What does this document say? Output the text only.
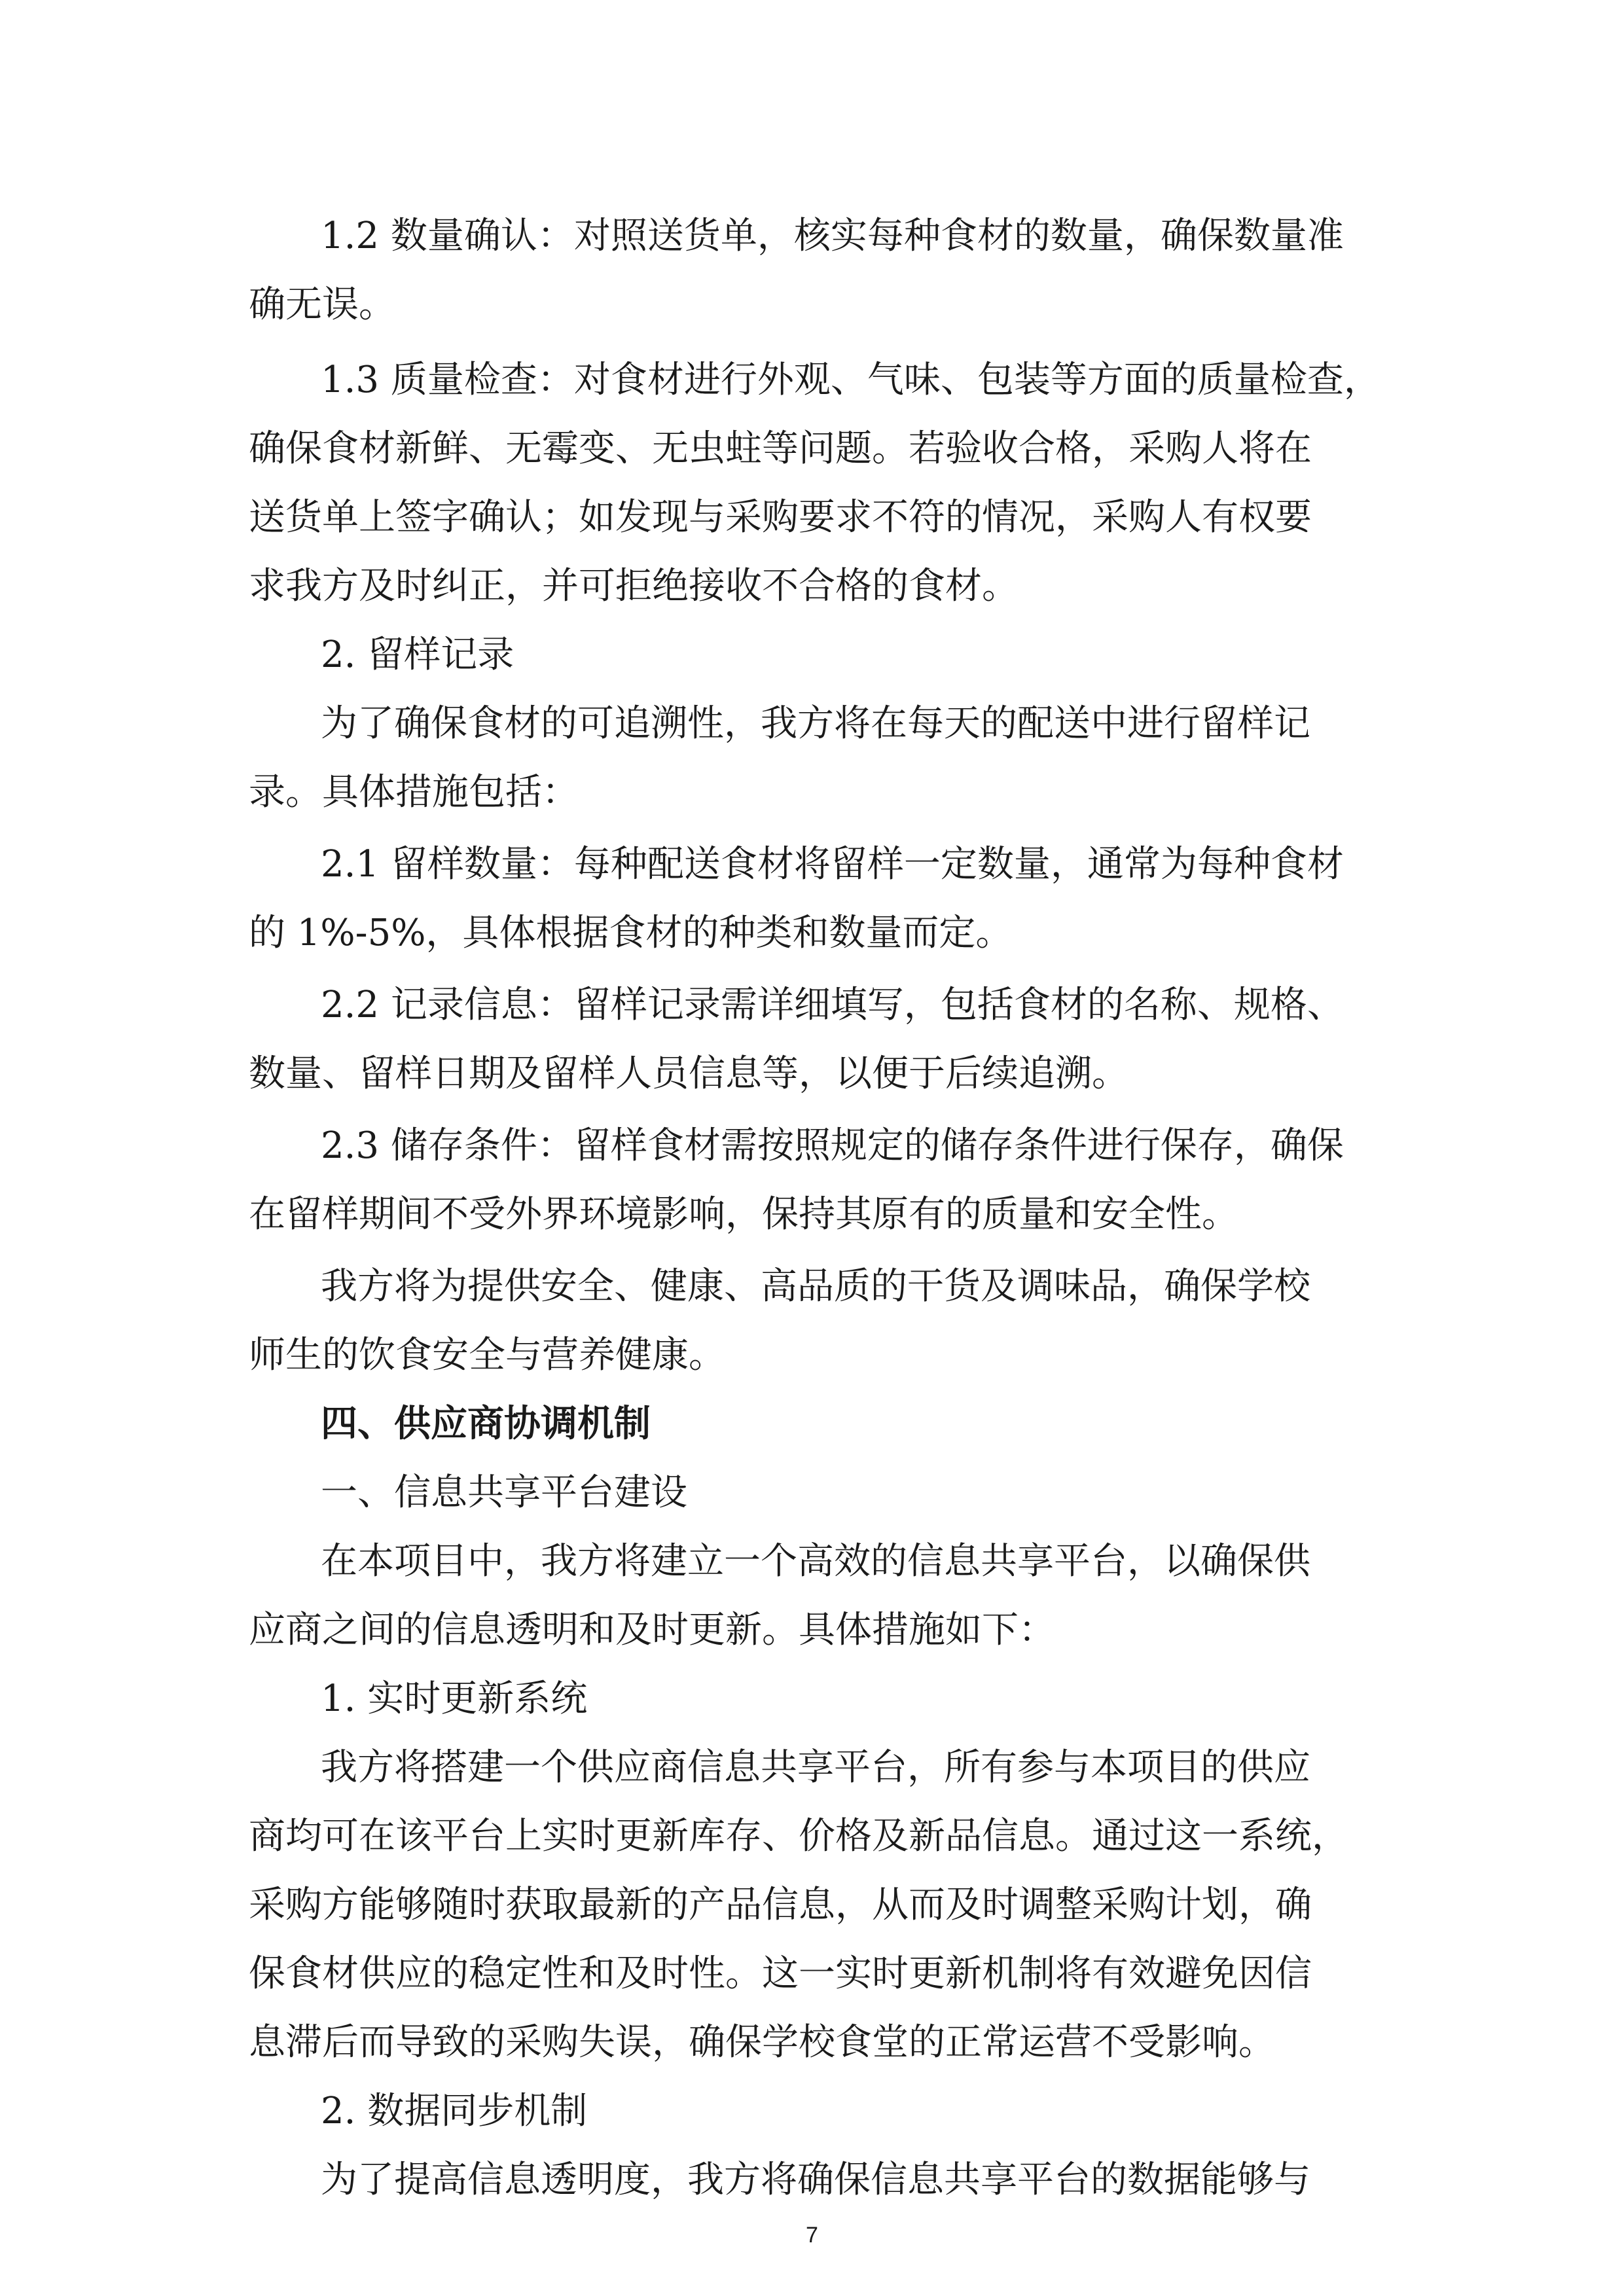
1.2 数量确认：对照送货单，核实每种食材的数量，确保数量准

确无误。

1.3 质量检查：对食材进行外观、气味、包装等方面的质量检查，

确保食材新鲜、无霉变、无虫蛀等问题。若验收合格，采购人将在

送货单上签字确认；如发现与采购要求不符的情况，采购人有权要

求我方及时纠正，并可拒绝接收不合格的食材。

2. 留样记录

为了确保食材的可追溯性，我方将在每天的配送中进行留样记

录。具体措施包括：

2.1 留样数量：每种配送食材将留样一定数量，通常为每种食材

的 1%-5%，具体根据食材的种类和数量而定。

2.2 记录信息：留样记录需详细填写，包括食材的名称、规格、

数量、留样日期及留样人员信息等，以便于后续追溯。

2.3 储存条件：留样食材需按照规定的储存条件进行保存，确保

在留样期间不受外界环境影响，保持其原有的质量和安全性。

我方将为提供安全、健康、高品质的干货及调味品，确保学校

师生的饮食安全与营养健康。

四、供应商协调机制

一、信息共享平台建设

在本项目中，我方将建立一个高效的信息共享平台，以确保供

应商之间的信息透明和及时更新。具体措施如下：

1. 实时更新系统

我方将搭建一个供应商信息共享平台，所有参与本项目的供应

商均可在该平台上实时更新库存、价格及新品信息。通过这一系统，

采购方能够随时获取最新的产品信息，从而及时调整采购计划，确

保食材供应的稳定性和及时性。这一实时更新机制将有效避免因信

息滞后而导致的采购失误，确保学校食堂的正常运营不受影响。

2. 数据同步机制

为了提高信息透明度，我方将确保信息共享平台的数据能够与

7
